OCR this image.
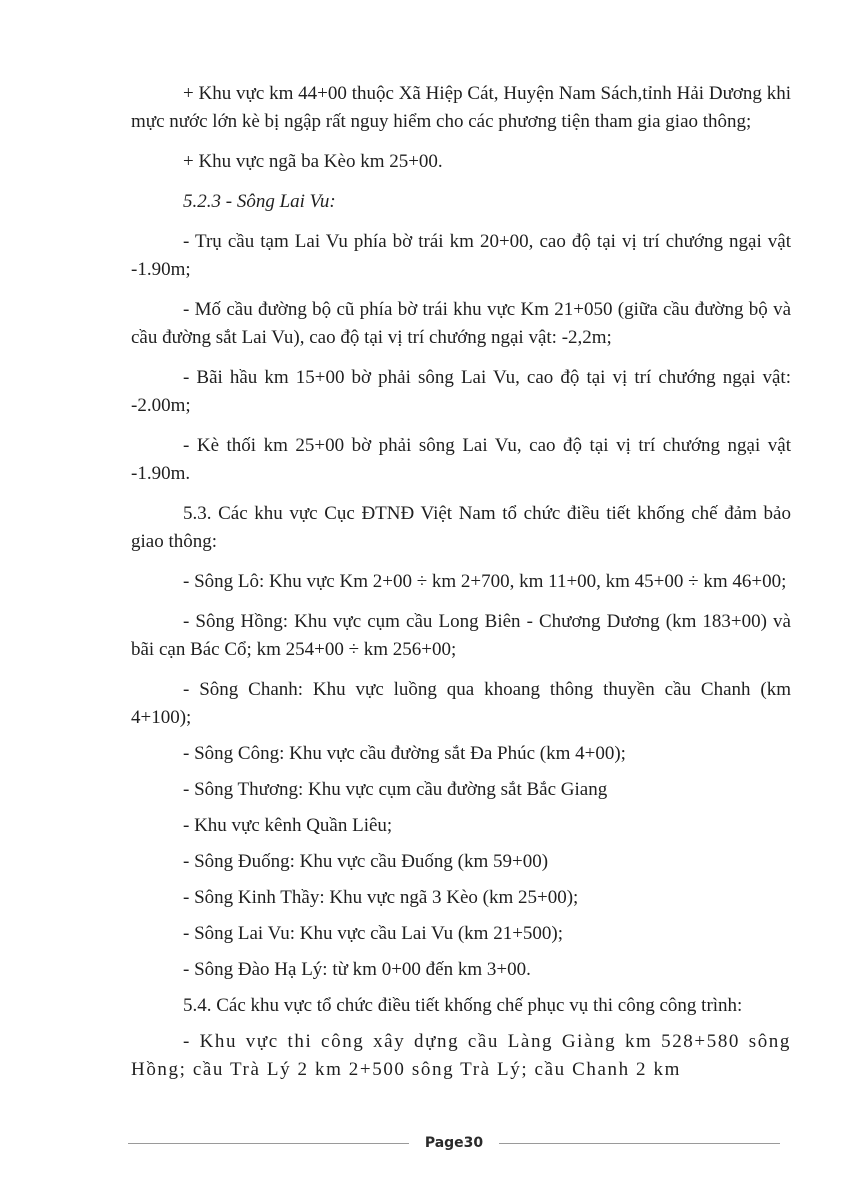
+ Khu vực km 44+00 thuộc Xã Hiệp Cát, Huyện Nam Sách,tỉnh Hải Dương khi mực nước lớn kè bị ngập rất nguy hiểm cho các phương tiện tham gia giao thông;

+ Khu vực ngã ba Kèo km 25+00.

5.2.3 - Sông Lai Vu:

- Trụ cầu tạm Lai Vu phía bờ trái km 20+00, cao độ tại vị trí chướng ngại vật -1.90m;

- Mố cầu đường bộ cũ phía bờ trái khu vực Km 21+050 (giữa cầu đường bộ và cầu đường sắt Lai Vu), cao độ tại vị trí chướng ngại vật: -2,2m;

- Bãi hầu km 15+00 bờ phải sông Lai Vu, cao độ tại vị trí chướng ngại vật: -2.00m;

- Kè thối km 25+00 bờ phải sông Lai Vu, cao độ tại vị trí chướng ngại vật -1.90m.

5.3. Các khu vực Cục ĐTNĐ Việt Nam tổ chức điều tiết khống chế đảm bảo giao thông:

- Sông Lô: Khu vực Km 2+00 ÷ km 2+700, km 11+00, km 45+00 ÷ km 46+00;

- Sông Hồng: Khu vực cụm cầu Long Biên - Chương Dương (km 183+00) và bãi cạn Bác Cổ; km 254+00 ÷ km 256+00;

- Sông Chanh: Khu vực luồng qua khoang thông thuyền cầu Chanh (km 4+100);

- Sông Công: Khu vực cầu đường sắt Đa Phúc (km 4+00);

- Sông Thương: Khu vực cụm cầu đường sắt Bắc Giang

- Khu vực kênh Quần Liêu;

- Sông Đuống: Khu vực cầu Đuống (km 59+00)

- Sông Kinh Thầy: Khu vực ngã 3 Kèo (km 25+00);

- Sông Lai Vu: Khu vực cầu Lai Vu (km 21+500);

- Sông Đào Hạ Lý: từ km 0+00 đến km 3+00.

5.4. Các khu vực tổ chức điều tiết khống chế phục vụ thi công công trình:

- Khu vực thi công xây dựng cầu Làng Giàng km 528+580 sông Hồng; cầu Trà Lý 2 km 2+500 sông Trà Lý; cầu Chanh 2 km

Page30
